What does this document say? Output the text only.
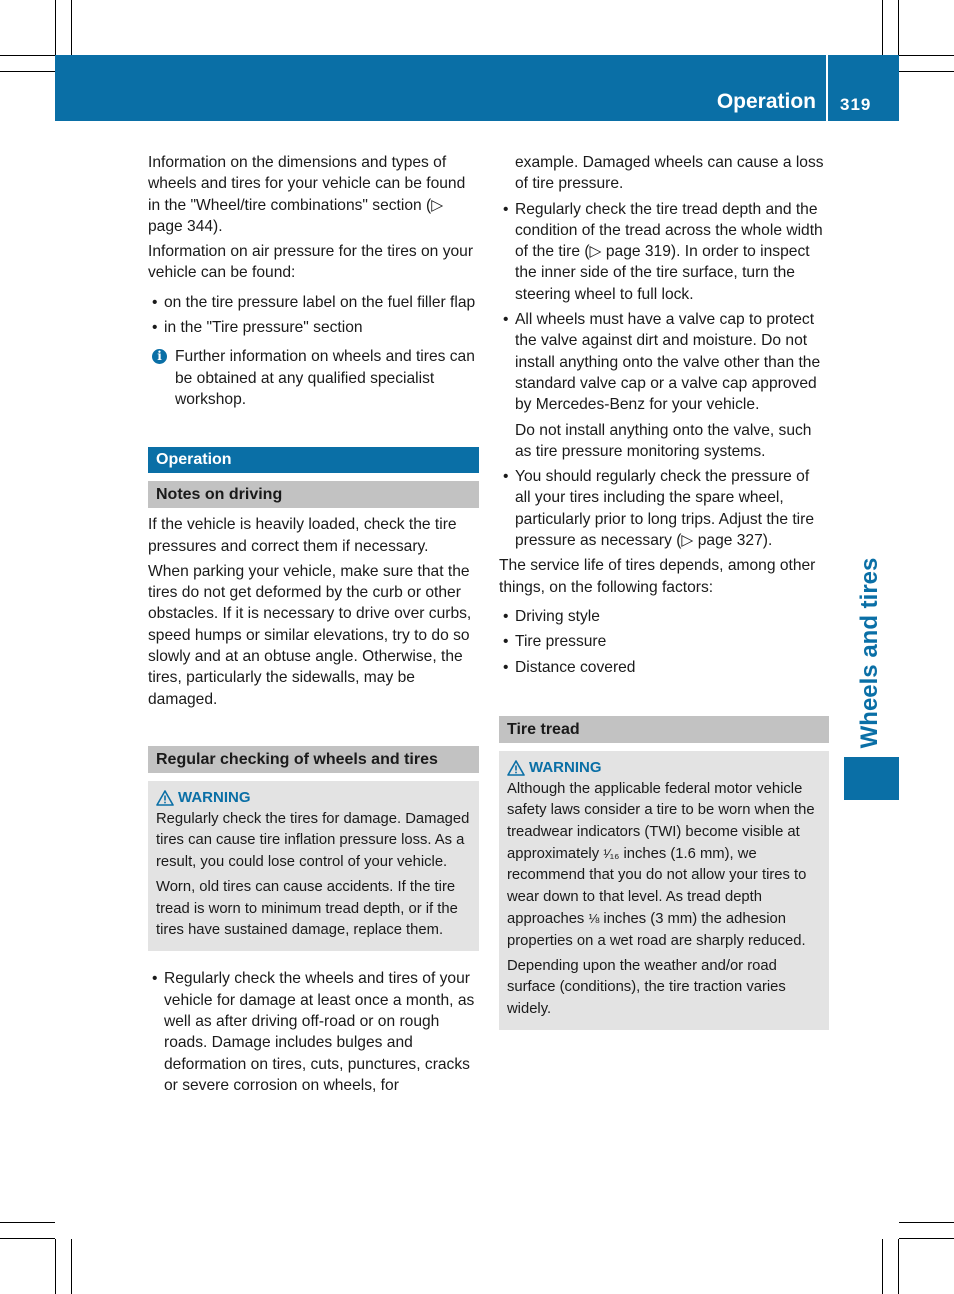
Operation 319
Wheels and tires

Information on the dimensions and types of wheels and tires for your vehicle can be found in the "Wheel/tire combinations" section (▷ page 344).

Information on air pressure for the tires on your vehicle can be found:

• on the tire pressure label on the fuel filler flap
• in the "Tire pressure" section
i Further information on wheels and tires can be obtained at any qualified specialist workshop.
Operation
Notes on driving

If the vehicle is heavily loaded, check the tire pressures and correct them if necessary.

When parking your vehicle, make sure that the tires do not get deformed by the curb or other obstacles. If it is necessary to drive over curbs, speed humps or similar elevations, try to do so slowly and at an obtuse angle. Otherwise, the tires, particularly the sidewalls, may be damaged.

Regular checking of wheels and tires
WARNING

Regularly check the tires for damage. Damaged tires can cause tire inflation pressure loss. As a result, you could lose control of your vehicle.

Worn, old tires can cause accidents. If the tire tread is worn to minimum tread depth, or if the tires have sustained damage, replace them.

• Regularly check the wheels and tires of your vehicle for damage at least once a month, as well as after driving off-road or on rough roads. Damage includes bulges and deformation on tires, cuts, punctures, cracks or severe corrosion on wheels, for

example. Damaged wheels can cause a loss of tire pressure.

• Regularly check the tire tread depth and the condition of the tread across the whole width of the tire (▷ page 319). In order to inspect the inner side of the tire surface, turn the steering wheel to full lock.
• All wheels must have a valve cap to protect the valve against dirt and moisture. Do not install anything onto the valve other than the standard valve cap or a valve cap approved by Mercedes-Benz for your vehicle.

Do not install anything onto the valve, such as tire pressure monitoring systems.

• You should regularly check the pressure of all your tires including the spare wheel, particularly prior to long trips. Adjust the tire pressure as necessary (▷ page 327).

The service life of tires depends, among other things, on the following factors:

• Driving style
• Tire pressure
• Distance covered
Tire tread
WARNING

Although the applicable federal motor vehicle safety laws consider a tire to be worn when the treadwear indicators (TWI) become visible at approximately ¹⁄₁₆ inches (1.6 mm), we recommend that you do not allow your tires to wear down to that level. As tread depth approaches ⅛ inches (3 mm) the adhesion properties on a wet road are sharply reduced.

Depending upon the weather and/or road surface (conditions), the tire traction varies widely.
